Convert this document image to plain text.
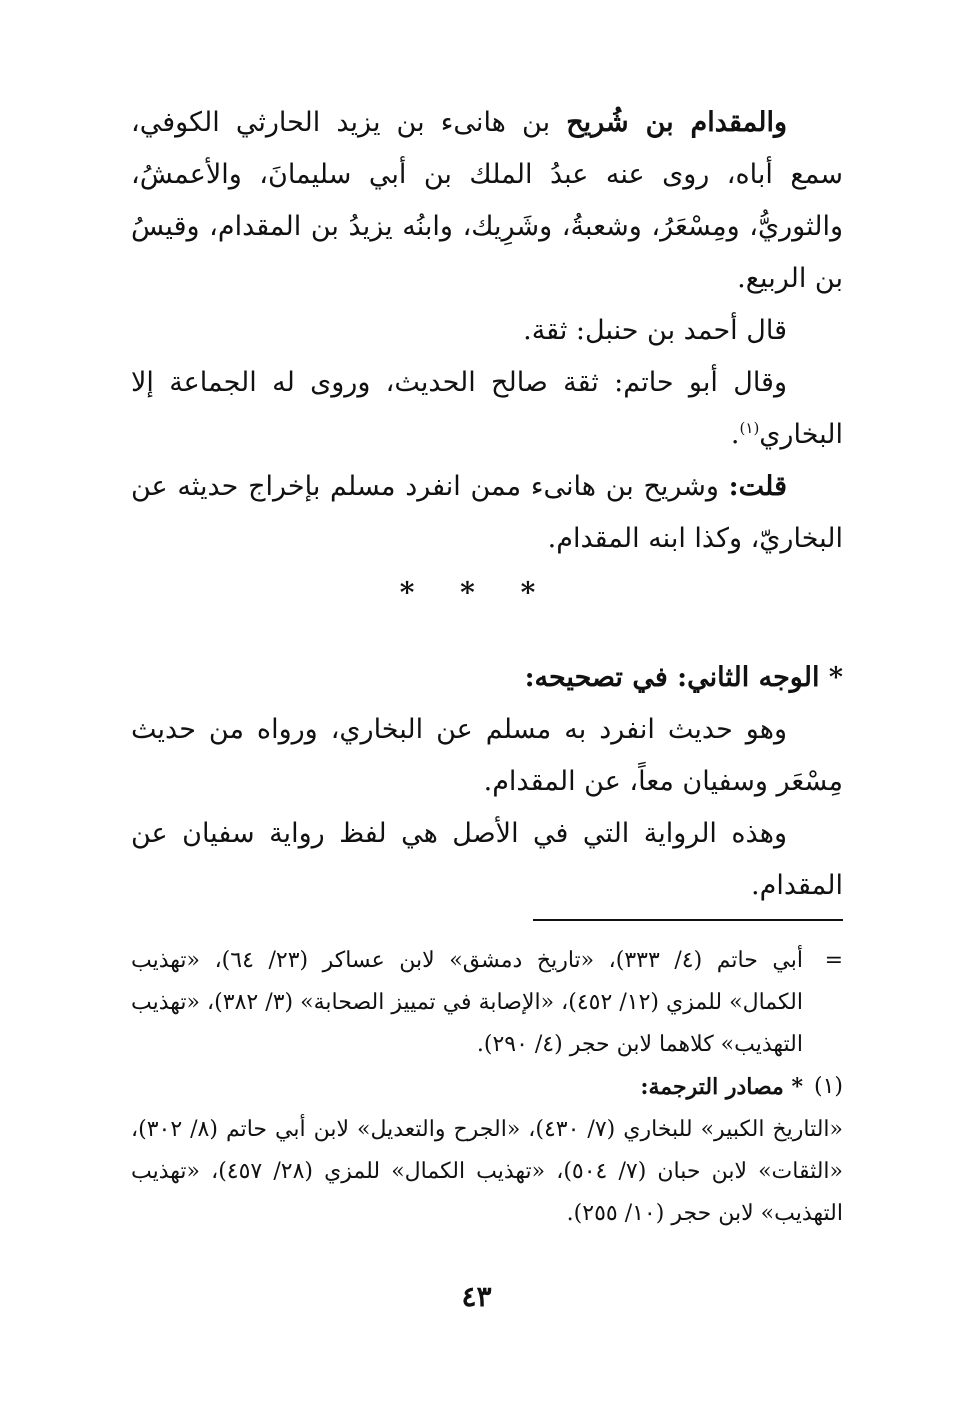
والمقدام بن شُريح بن هانىء بن يزيد الحارثي الكوفي، سمع أباه، روى عنه عبدُ الملك بن أبي سليمانَ، والأعمشُ، والثوريُّ، ومِسْعَرُ، وشعبةُ، وشَرِيك، وابنُه يزيدُ بن المقدام، وقيسُ بن الربيع.

قال أحمد بن حنبل: ثقة.

وقال أبو حاتم: ثقة صالح الحديث، وروى له الجماعة إلا البخاري$^{(١)}$.

قلت: وشريح بن هانىء ممن انفرد مسلم بإخراج حديثه عن البخاريّ، وكذا ابنه المقدام.

* * *

* الوجه الثاني: في تصحيحه:

وهو حديث انفرد به مسلم عن البخاري، ورواه من حديث مِسْعَر وسفيان معاً، عن المقدام.

وهذه الرواية التي في الأصل هي لفظ رواية سفيان عن المقدام.

=
أبي حاتم (٤/ ٣٣٣)، «تاريخ دمشق» لابن عساكر (٢٣/ ٦٤)، «تهذيب الكمال» للمزي (١٢/ ٤٥٢)، «الإصابة في تمييز الصحابة» (٣/ ٣٨٢)، «تهذيب التهذيب» كلاهما لابن حجر (٤/ ٢٩٠).

(١)
* مصادر الترجمة:

«التاريخ الكبير» للبخاري (٧/ ٤٣٠)، «الجرح والتعديل» لابن أبي حاتم (٨/ ٣٠٢)، «الثقات» لابن حبان (٧/ ٥٠٤)، «تهذيب الكمال» للمزي (٢٨/ ٤٥٧)، «تهذيب التهذيب» لابن حجر (١٠/ ٢٥٥).

٤٣
